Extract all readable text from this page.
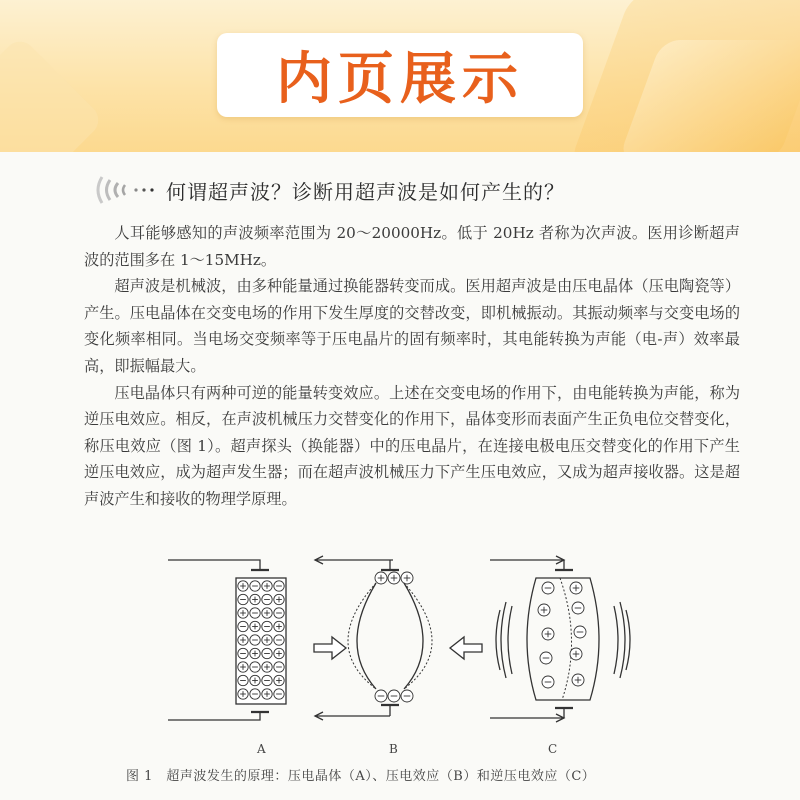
内页展示
何谓超声波？诊断用超声波是如何产生的？

人耳能够感知的声波频率范围为 20～20000Hz。低于 20Hz 者称为次声波。医用诊断超声波的范围多在 1～15MHz。

超声波是机械波，由多种能量通过换能器转变而成。医用超声波是由压电晶体（压电陶瓷等）产生。压电晶体在交变电场的作用下发生厚度的交替改变，即机械振动。其振动频率与交变电场的变化频率相同。当电场交变频率等于压电晶片的固有频率时，其电能转换为声能（电-声）效率最高，即振幅最大。

压电晶体只有两种可逆的能量转变效应。上述在交变电场的作用下，由电能转换为声能，称为逆压电效应。相反，在声波机械压力交替变化的作用下，晶体变形而表面产生正负电位交替变化，称压电效应（图 1）。超声探头（换能器）中的压电晶片，在连接电极电压交替变化的作用下产生逆压电效应，成为超声发生器；而在超声波机械压力下产生压电效应，又成为超声接收器。这是超声波产生和接收的物理学原理。

A	B	C
图 1　超声波发生的原理：压电晶体（A）、压电效应（B）和逆压电效应（C）
